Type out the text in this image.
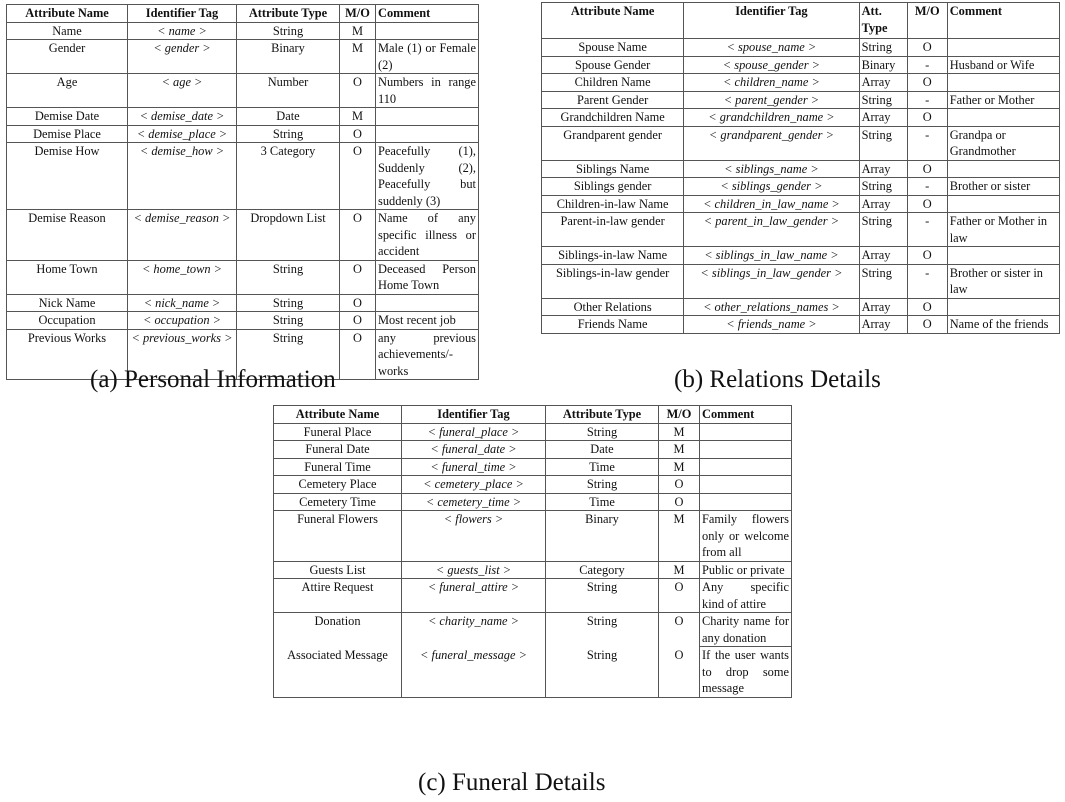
Attribute Name	Identifier Tag	Attribute Type	M/O	Comment
Name	< name >	String	M	
Gender	< gender >	Binary	M	Male (1) or Female (2)
Age	< age >	Number	O	Numbers in range 110
Demise Date	< demise_date >	Date	M	
Demise Place	< demise_place >	String	O	
Demise How	< demise_how >	3 Category	O	Peacefully (1), Suddenly (2), Peacefully but suddenly (3)
Demise Reason	< demise_reason >	Dropdown List	O	Name of any specific illness or accident
Home Town	< home_town >	String	O	Deceased Person Home Town
Nick Name	< nick_name >	String	O	
Occupation	< occupation >	String	O	Most recent job
Previous Works	< previous_works >	String	O	any previous achievements/-works
Attribute Name	Identifier Tag	Att. Type	M/O	Comment
Spouse Name	< spouse_name >	String	O	
Spouse Gender	< spouse_gender >	Binary	-	Husband or Wife
Children Name	< children_name >	Array	O	
Parent Gender	< parent_gender >	String	-	Father or Mother
Grandchildren Name	< grandchildren_name >	Array	O	
Grandparent gender	< grandparent_gender >	String	-	Grandpa or Grandmother
Siblings Name	< siblings_name >	Array	O	
Siblings gender	< siblings_gender >	String	-	Brother or sister
Children-in-law Name	< children_in_law_name >	Array	O	
Parent-in-law gender	< parent_in_law_gender >	String	-	Father or Mother in law
Siblings-in-law Name	< siblings_in_law_name >	Array	O	
Siblings-in-law gender	< siblings_in_law_gender >	String	-	Brother or sister in law
Other Relations	< other_relations_names >	Array	O	
Friends Name	< friends_name >	Array	O	Name of the friends
Attribute Name	Identifier Tag	Attribute Type	M/O	Comment
Funeral Place	< funeral_place >	String	M	
Funeral Date	< funeral_date >	Date	M	
Funeral Time	< funeral_time >	Time	M	
Cemetery Place	< cemetery_place >	String	O	
Cemetery Time	< cemetery_time >	Time	O	
Funeral Flowers	< flowers >	Binary	M	Family flowers only or welcome from all
Guests List	< guests_list >	Category	M	Public or private
Attire Request	< funeral_attire >	String	O	Any specific kind of attire
Donation	< charity_name >	String	O	Charity name for any donation
Associated Message	< funeral_message >	String	O	If the user wants to drop some message
(a) Personal Information	(b) Relations Details
(c) Funeral Details
